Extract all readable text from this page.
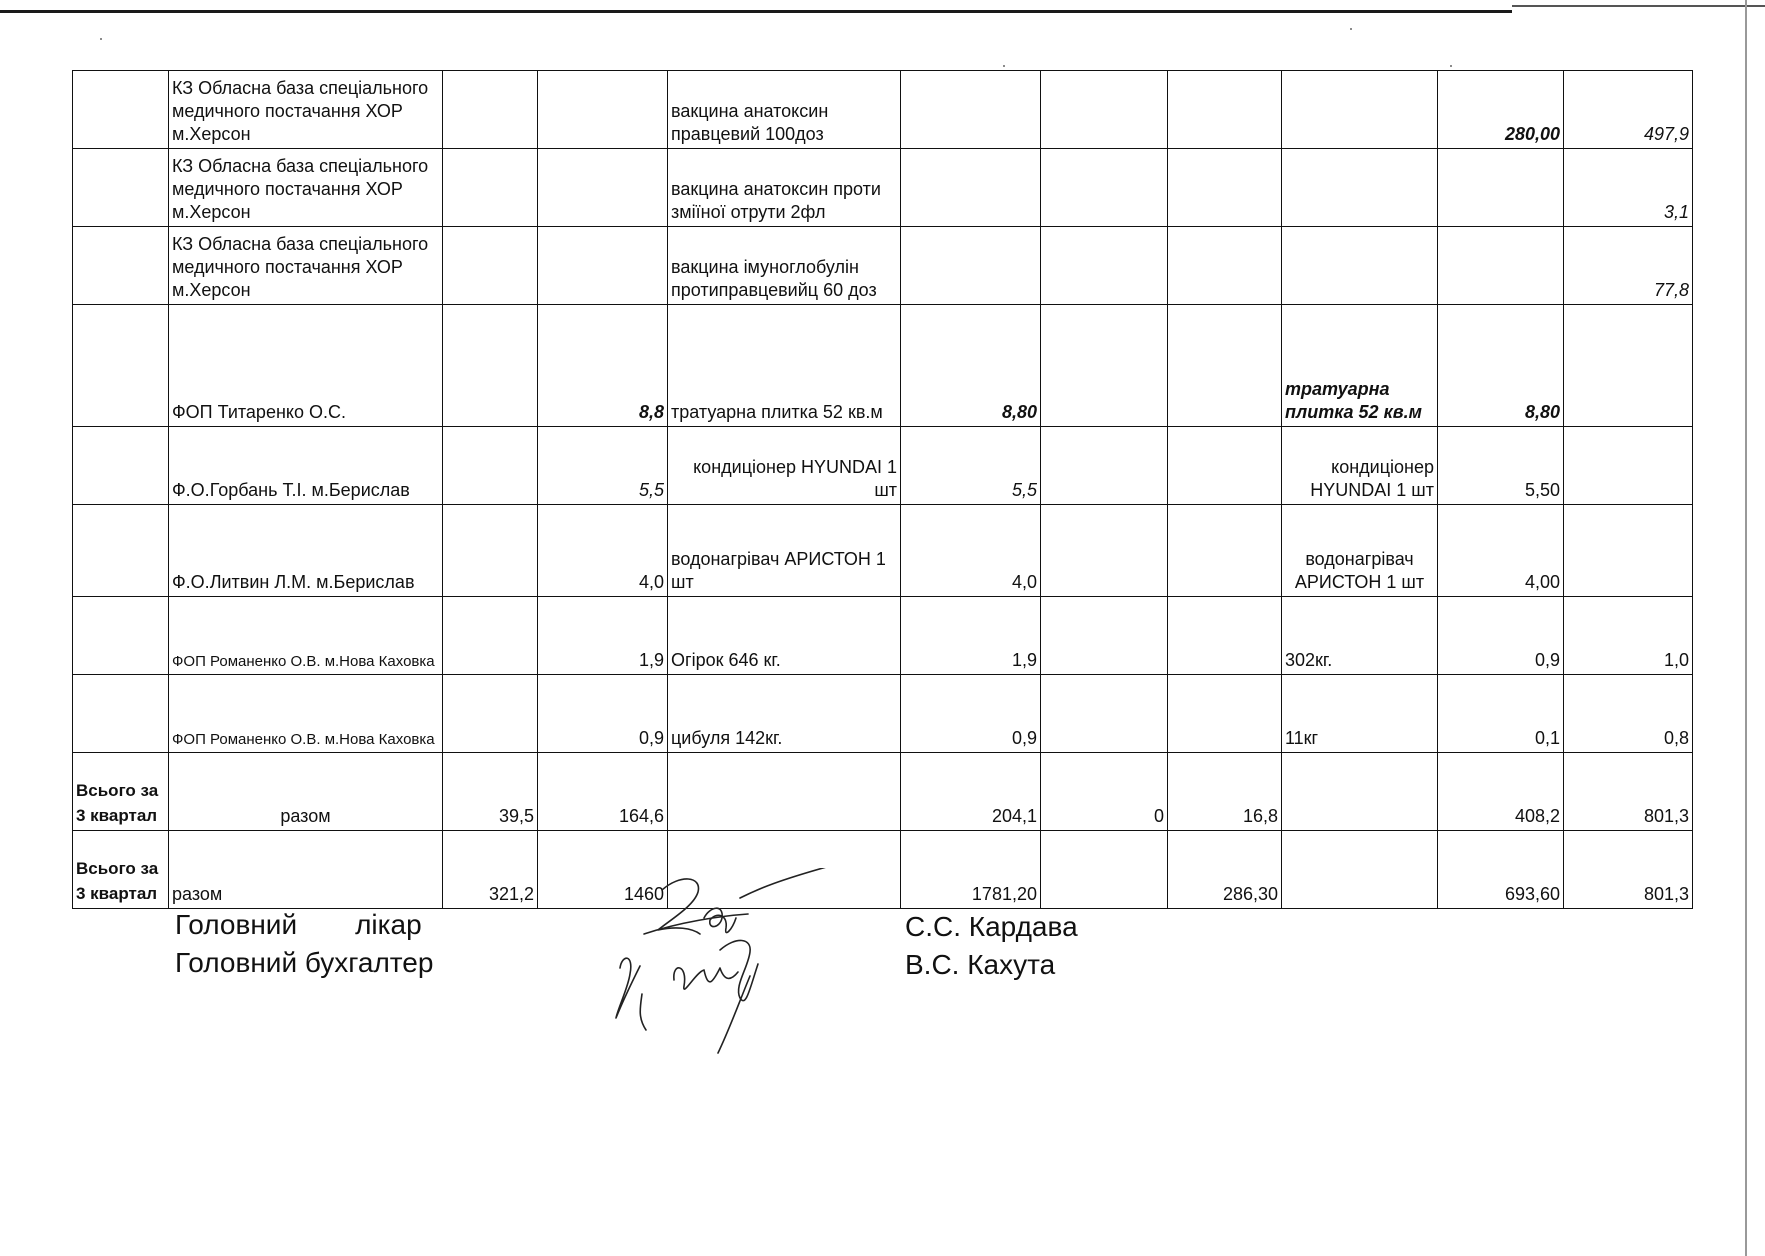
	КЗ Обласна база спеціального медичного постачання ХОР м.Херсон			вакцина анатоксин правцевий 100доз					280,00	497,9
	КЗ Обласна база спеціального медичного постачання ХОР м.Херсон			вакцина анатоксин проти зміїної отрути 2фл						3,1
	КЗ Обласна база спеціального медичного постачання ХОР м.Херсон			вакцина імуноглобулін протиправцевийц 60 доз						77,8
	ФОП Титаренко О.С.		8,8	тратуарна плитка 52 кв.м	8,80			тратуарна плитка 52 кв.м	8,80	
	Ф.О.Горбань Т.І. м.Берислав		5,5	кондиціонер HYUNDAI 1 шт	5,5			кондиціонер HYUNDAI 1 шт	5,50	
	Ф.О.Литвин Л.М. м.Берислав		4,0	водонагрівач АРИСТОН 1 шт	4,0			водонагрівач АРИСТОН 1 шт	4,00	
	ФОП Романенко О.В. м.Нова Каховка		1,9	Огірок 646 кг.	1,9			302кг.	0,9	1,0
	ФОП Романенко О.В. м.Нова Каховка		0,9	цибуля 142кг.	0,9			11кг	0,1	0,8
Всього за 3 квартал	разом	39,5	164,6		204,1	0	16,8		408,2	801,3
Всього за 3 квартал	разом	321,2	1460		1781,20		286,30		693,60	801,3
Головний лікар
Головний бухгалтер
С.С. Кардава
В.С. Кахута
